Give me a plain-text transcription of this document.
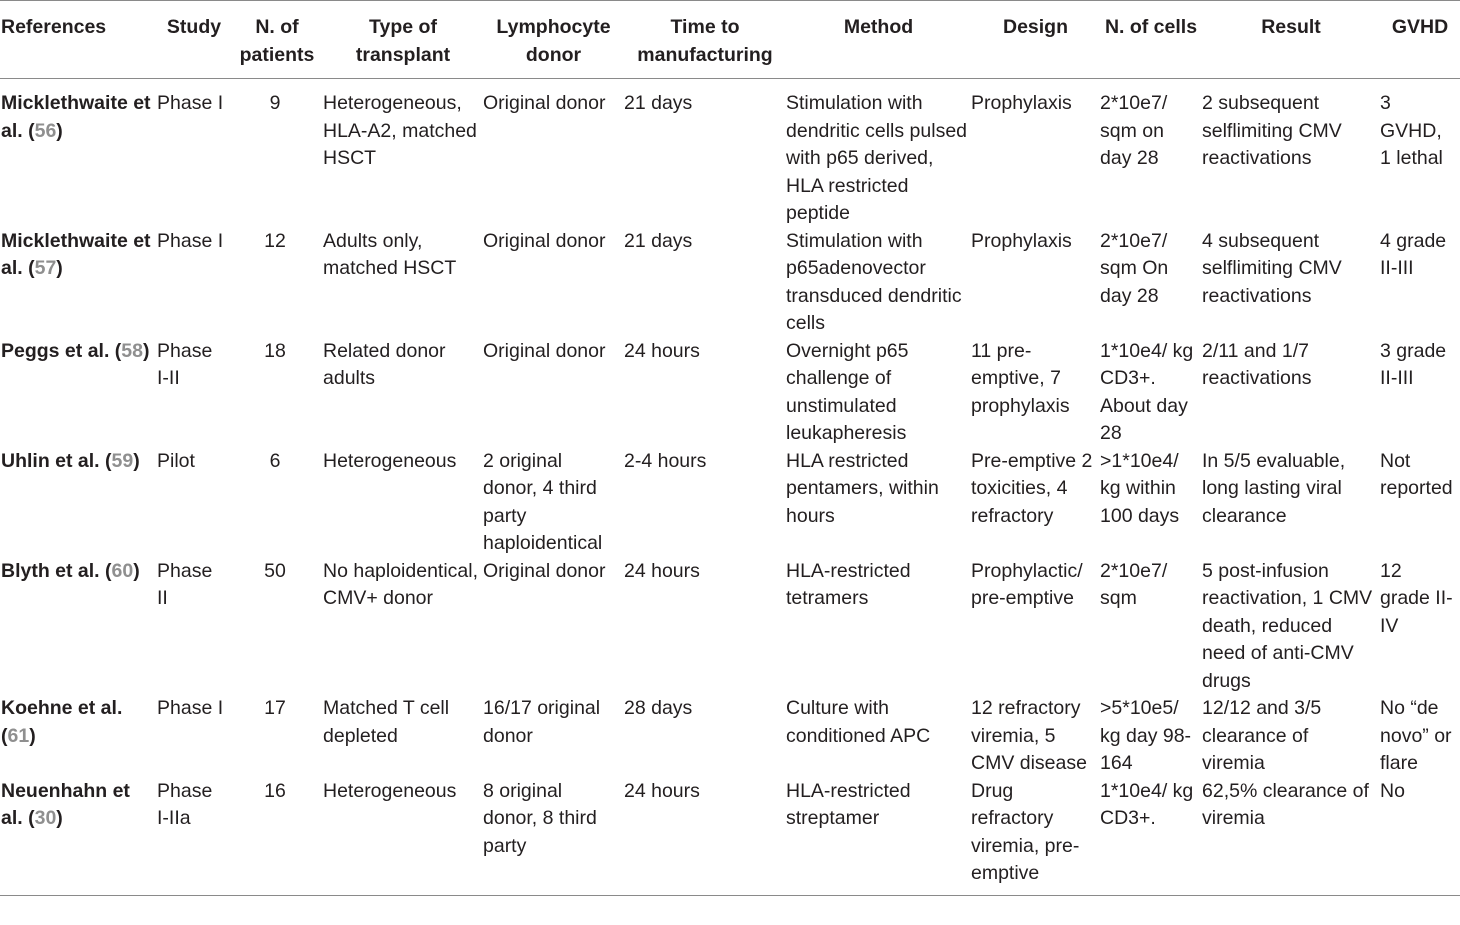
References	Study	N. of patients	Type of transplant	Lymphocyte donor	Time to manufacturing	Method	Design	N. of cells	Result	GVHD
Micklethwaite et al. (56)	Phase I	9	Heterogeneous, HLA-A2, matched HSCT	Original donor	21 days	Stimulation with dendritic cells pulsed with p65 derived, HLA restricted peptide	Prophylaxis	2*10e7/ sqm on day 28	2 subsequent selflimiting CMV reactivations	3 GVHD, 1 lethal
Micklethwaite et al. (57)	Phase I	12	Adults only, matched HSCT	Original donor	21 days	Stimulation with p65adenovector transduced dendritic cells	Prophylaxis	2*10e7/ sqm On day 28	4 subsequent selflimiting CMV reactivations	4 grade II-III
Peggs et al. (58)	Phase I-II	18	Related donor adults	Original donor	24 hours	Overnight p65 challenge of unstimulated leukapheresis	11 pre-emptive, 7 prophylaxis	1*10e4/ kg CD3+. About day 28	2/11 and 1/7 reactivations	3 grade II-III
Uhlin et al. (59)	Pilot	6	Heterogeneous	2 original donor, 4 third party haploidentical	2-4 hours	HLA restricted pentamers, within hours	Pre-emptive 2 toxicities, 4 refractory	>1*10e4/ kg within 100 days	In 5/5 evaluable, long lasting viral clearance	Not reported
Blyth et al. (60)	Phase II	50	No haploidentical, CMV+ donor	Original donor	24 hours	HLA-restricted tetramers	Prophylactic/ pre-emptive	2*10e7/ sqm	5 post-infusion reactivation, 1 CMV death, reduced need of anti-CMV drugs	12 grade II-IV
Koehne et al. (61)	Phase I	17	Matched T cell depleted	16/17 original donor	28 days	Culture with conditioned APC	12 refractory viremia, 5 CMV disease	>5*10e5/ kg day 98-164	12/12 and 3/5 clearance of viremia	No “de novo” or flare
Neuenhahn et al. (30)	Phase I-IIa	16	Heterogeneous	8 original donor, 8 third party	24 hours	HLA-restricted streptamer	Drug refractory viremia, pre-emptive	1*10e4/ kg CD3+.	62,5% clearance of viremia	No
